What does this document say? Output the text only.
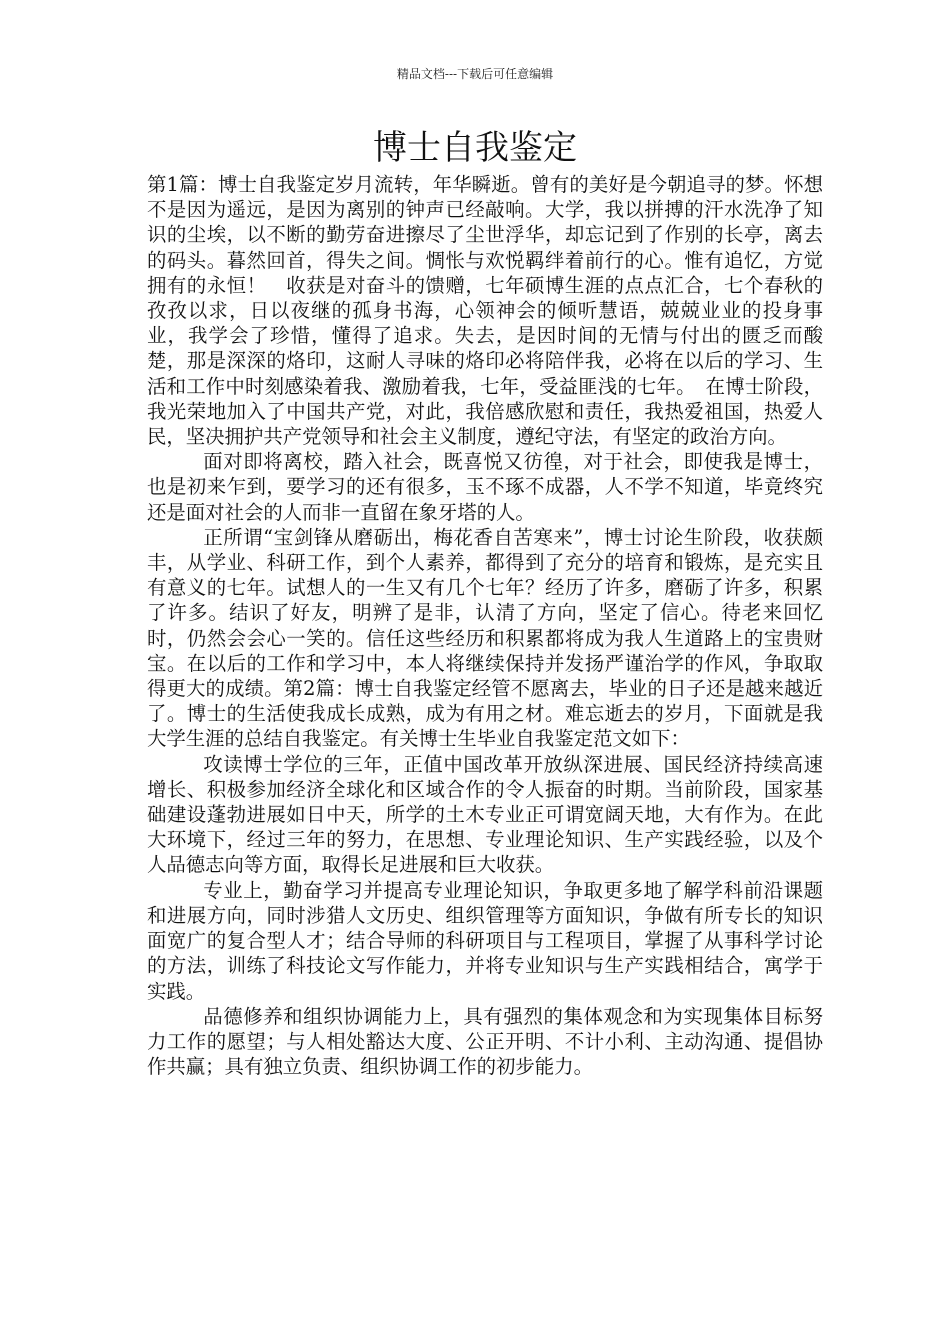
精品文档---下载后可任意编辑
博士自我鉴定

第1篇：博士自我鉴定岁月流转，年华瞬逝。曾有的美好是今朝追寻的梦。怀想不是因为遥远，是因为离别的钟声已经敲响。大学，我以拼搏的汗水洗净了知识的尘埃，以不断的勤劳奋进擦尽了尘世浮华，却忘记到了作别的长亭，离去的码头。暮然回首，得失之间。惆怅与欢悦羁绊着前行的心。惟有追忆，方觉拥有的永恒！　收获是对奋斗的馈赠，七年硕博生涯的点点汇合，七个春秋的孜孜以求，日以夜继的孤身书海，心领神会的倾听慧语，兢兢业业的投身事业，我学会了珍惜，懂得了追求。失去，是因时间的无情与付出的匮乏而酸楚，那是深深的烙印，这耐人寻味的烙印必将陪伴我，必将在以后的学习、生活和工作中时刻感染着我、激励着我，七年，受益匪浅的七年。　在博士阶段，我光荣地加入了中国共产党，对此，我倍感欣慰和责任，我热爱祖国，热爱人民，坚决拥护共产党领导和社会主义制度，遵纪守法，有坚定的政治方向。

面对即将离校，踏入社会，既喜悦又彷徨，对于社会，即使我是博士，也是初来乍到，要学习的还有很多，玉不琢不成器，人不学不知道，毕竟终究还是面对社会的人而非一直留在象牙塔的人。

正所谓“宝剑锋从磨砺出，梅花香自苦寒来”，博士讨论生阶段，收获颇丰，从学业、科研工作，到个人素养，都得到了充分的培育和锻炼，是充实且有意义的七年。试想人的一生又有几个七年？经历了许多，磨砺了许多，积累了许多。结识了好友，明辨了是非，认清了方向，坚定了信心。待老来回忆时，仍然会会心一笑的。信任这些经历和积累都将成为我人生道路上的宝贵财宝。在以后的工作和学习中，本人将继续保持并发扬严谨治学的作风，争取取得更大的成绩。第2篇：博士自我鉴定经管不愿离去，毕业的日子还是越来越近了。博士的生活使我成长成熟，成为有用之材。难忘逝去的岁月，下面就是我大学生涯的总结自我鉴定。有关博士生毕业自我鉴定范文如下：

攻读博士学位的三年，正值中国改革开放纵深进展、国民经济持续高速增长、积极参加经济全球化和区域合作的令人振奋的时期。当前阶段，国家基础建设蓬勃进展如日中天，所学的土木专业正可谓宽阔天地，大有作为。在此大环境下，经过三年的努力，在思想、专业理论知识、生产实践经验，以及个人品德志向等方面，取得长足进展和巨大收获。

专业上，勤奋学习并提高专业理论知识，争取更多地了解学科前沿课题和进展方向，同时涉猎人文历史、组织管理等方面知识，争做有所专长的知识面宽广的复合型人才；结合导师的科研项目与工程项目，掌握了从事科学讨论的方法，训练了科技论文写作能力，并将专业知识与生产实践相结合，寓学于实践。

品德修养和组织协调能力上，具有强烈的集体观念和为实现集体目标努力工作的愿望；与人相处豁达大度、公正开明、不计小利、主动沟通、提倡协作共赢；具有独立负责、组织协调工作的初步能力。
